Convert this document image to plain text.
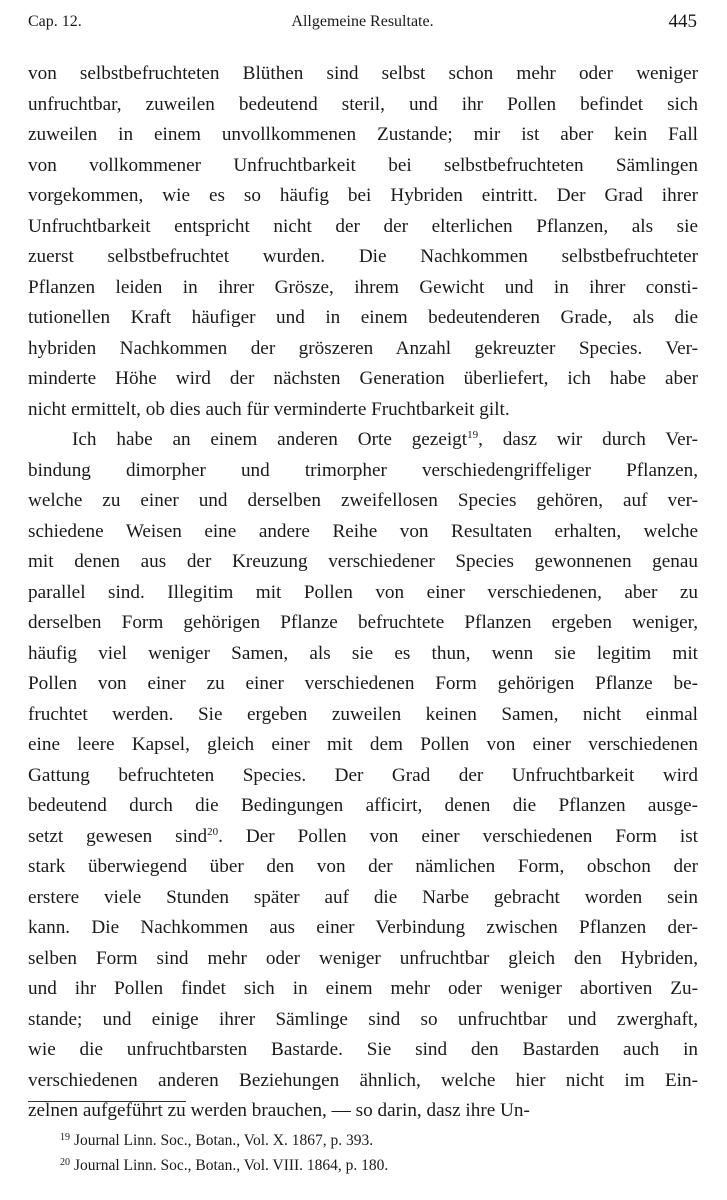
Cap. 12.	Allgemeine Resultate.	445
von selbstbefruchteten Blüthen sind selbst schon mehr oder weniger
unfruchtbar, zuweilen bedeutend steril, und ihr Pollen befindet sich
zuweilen in einem unvollkommenen Zustande; mir ist aber kein Fall
von vollkommener Unfruchtbarkeit bei selbstbefruchteten Sämlingen
vorgekommen, wie es so häufig bei Hybriden eintritt. Der Grad ihrer
Unfruchtbarkeit entspricht nicht der der elterlichen Pflanzen, als sie
zuerst selbstbefruchtet wurden. Die Nachkommen selbstbefruchteter
Pflanzen leiden in ihrer Grösze, ihrem Gewicht und in ihrer consti-
tutionellen Kraft häufiger und in einem bedeutenderen Grade, als die
hybriden Nachkommen der gröszeren Anzahl gekreuzter Species. Ver-
minderte Höhe wird der nächsten Generation überliefert, ich habe aber
nicht ermittelt, ob dies auch für verminderte Fruchtbarkeit gilt.
Ich habe an einem anderen Orte gezeigt$^{19}$, dasz wir durch Ver-
bindung dimorpher und trimorpher verschiedengriffeliger Pflanzen,
welche zu einer und derselben zweifellosen Species gehören, auf ver-
schiedene Weisen eine andere Reihe von Resultaten erhalten, welche
mit denen aus der Kreuzung verschiedener Species gewonnenen genau
parallel sind. Illegitim mit Pollen von einer verschiedenen, aber zu
derselben Form gehörigen Pflanze befruchtete Pflanzen ergeben weniger,
häufig viel weniger Samen, als sie es thun, wenn sie legitim mit
Pollen von einer zu einer verschiedenen Form gehörigen Pflanze be-
fruchtet werden. Sie ergeben zuweilen keinen Samen, nicht einmal
eine leere Kapsel, gleich einer mit dem Pollen von einer verschiedenen
Gattung befruchteten Species. Der Grad der Unfruchtbarkeit wird
bedeutend durch die Bedingungen afficirt, denen die Pflanzen ausge-
setzt gewesen sind$^{20}$. Der Pollen von einer verschiedenen Form ist
stark überwiegend über den von der nämlichen Form, obschon der
erstere viele Stunden später auf die Narbe gebracht worden sein
kann. Die Nachkommen aus einer Verbindung zwischen Pflanzen der-
selben Form sind mehr oder weniger unfruchtbar gleich den Hybriden,
und ihr Pollen findet sich in einem mehr oder weniger abortiven Zu-
stande; und einige ihrer Sämlinge sind so unfruchtbar und zwerghaft,
wie die unfruchtbarsten Bastarde. Sie sind den Bastarden auch in
verschiedenen anderen Beziehungen ähnlich, welche hier nicht im Ein-
zelnen aufgeführt zu werden brauchen, — so darin, dasz ihre Un-
$^{19}$ Journal Linn. Soc., Botan., Vol. X. 1867, p. 393.
$^{20}$ Journal Linn. Soc., Botan., Vol. VIII. 1864, p. 180.
